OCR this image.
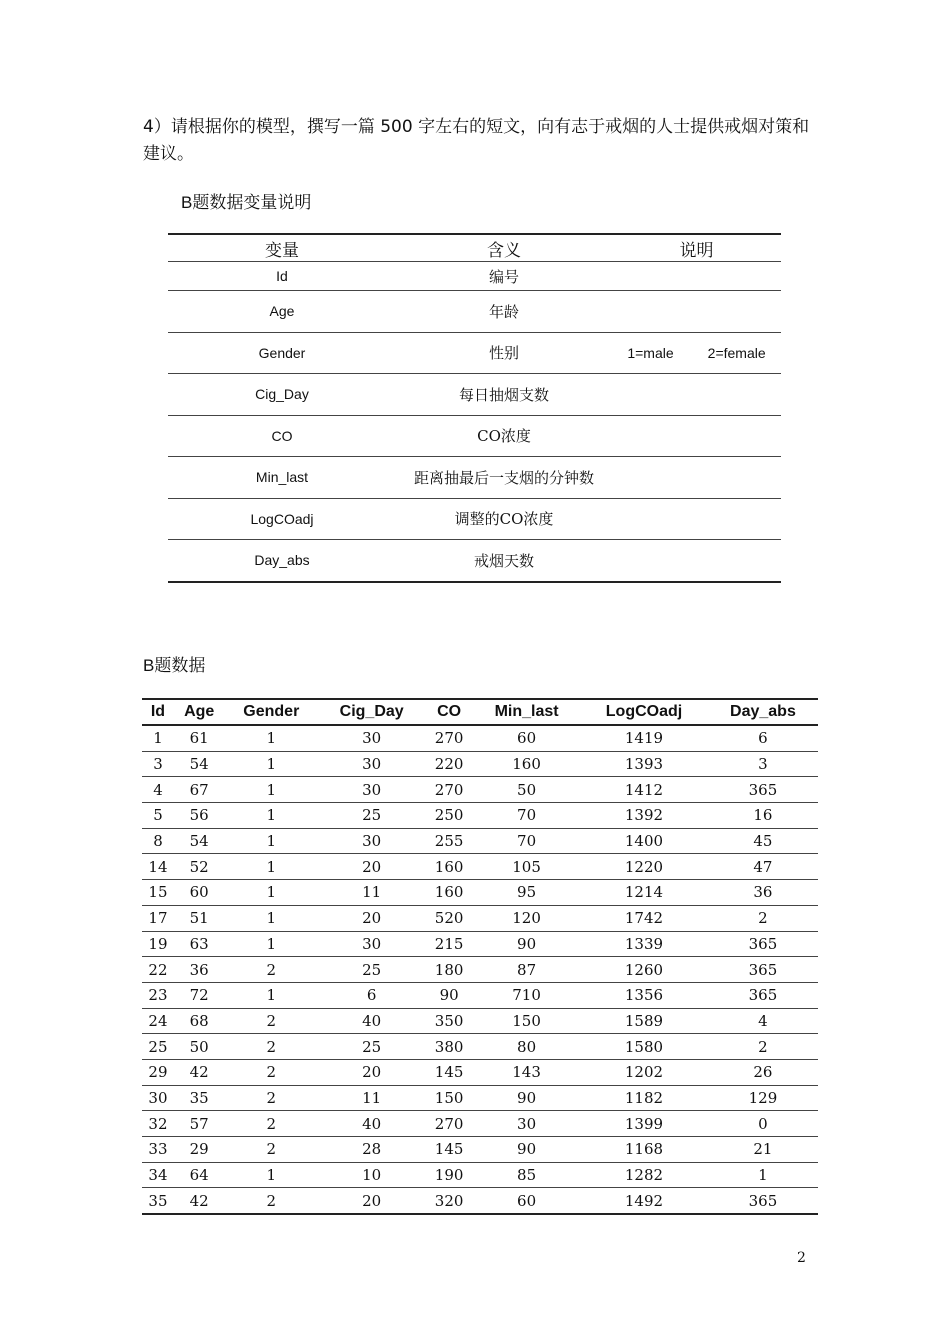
4）请根据你的模型，撰写一篇 500 字左右的短文，向有志于戒烟的人士提供戒烟对策和建议。
B题数据变量说明
变量	含义	说明
Id	编号	
Age	年龄	
Gender	性别	1=male 2=female
Cig_Day	每日抽烟支数	
CO	CO浓度	
Min_last	距离抽最后一支烟的分钟数	
LogCOadj	调整的CO浓度	
Day_abs	戒烟天数	
B题数据
Id	Age	Gender	Cig_Day	CO	Min_last	LogCOadj	Day_abs
1	61	1	30	270	60	1419	6
3	54	1	30	220	160	1393	3
4	67	1	30	270	50	1412	365
5	56	1	25	250	70	1392	16
8	54	1	30	255	70	1400	45
14	52	1	20	160	105	1220	47
15	60	1	11	160	95	1214	36
17	51	1	20	520	120	1742	2
19	63	1	30	215	90	1339	365
22	36	2	25	180	87	1260	365
23	72	1	6	90	710	1356	365
24	68	2	40	350	150	1589	4
25	50	2	25	380	80	1580	2
29	42	2	20	145	143	1202	26
30	35	2	11	150	90	1182	129
32	57	2	40	270	30	1399	0
33	29	2	28	145	90	1168	21
34	64	1	10	190	85	1282	1
35	42	2	20	320	60	1492	365
2
